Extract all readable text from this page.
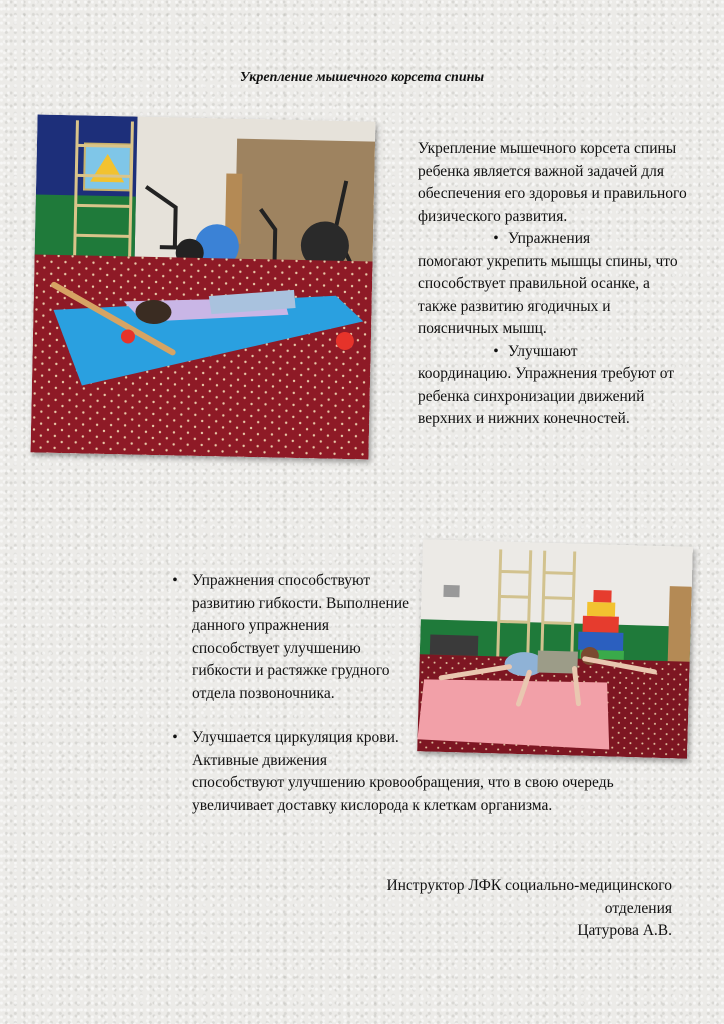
Укрепление мышечного корсета спины

Укрепление мышечного корсета спины ребенка является важной задачей для обеспечения его здоровья и правильного физического развития.

• Упражнения
помогают укрепить мышцы спины, что способствует правильной осанке, а также развитию ягодичных и поясничных мышц.

• Улучшают
координацию. Упражнения требуют от ребенка синхронизации движений верхних и нижних конечностей.

• Упражнения способствуют развитию гибкости. Выполнение данного упражнения способствует улучшению гибкости и растяжке грудного отдела позвоночника.
• Улучшается циркуляция крови. Активные движения
способствуют улучшению кровообращения, что в свою очередь увеличивает доставку кислорода к клеткам организма.
Инструктор ЛФК социально-медицинского
отделения
Цатурова А.В.
